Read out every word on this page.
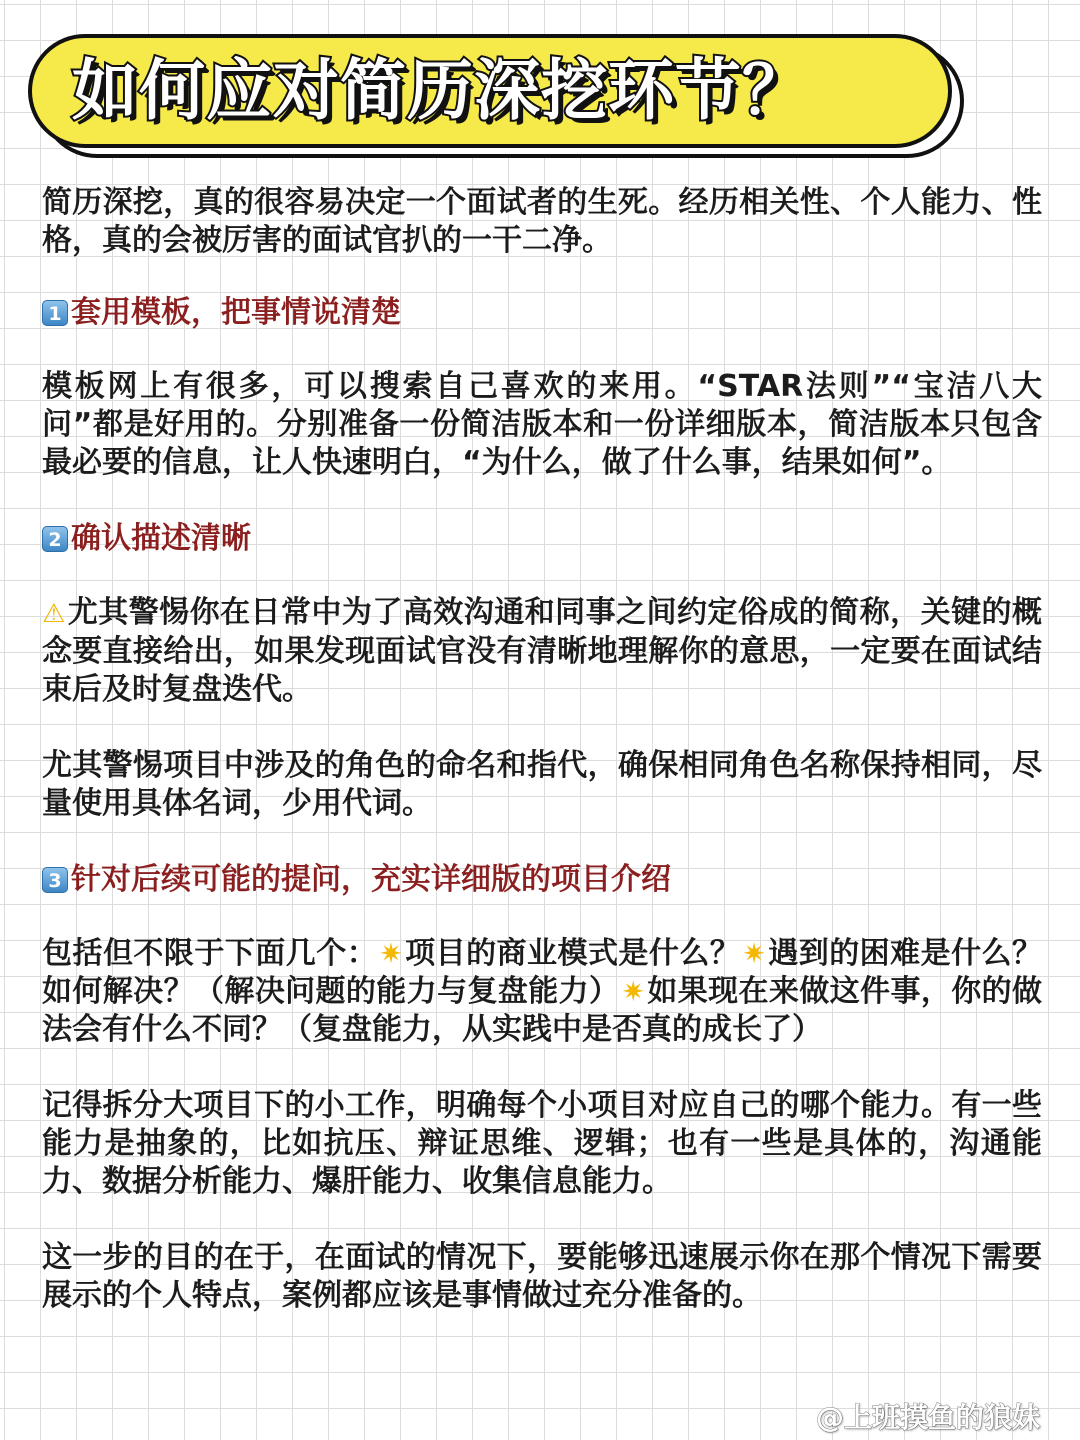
如何应对简历深挖环节？

简历深挖，真的很容易决定一个面试者的生死。经历相关性、个人能力、性格，真的会被厉害的面试官扒的一干二净。

1 套用模板，把事情说清楚

模板网上有很多，可以搜索自己喜欢的来用。“STAR法则”“宝洁八大问”都是好用的。分别准备一份简洁版本和一份详细版本，简洁版本只包含最必要的信息，让人快速明白，“为什么，做了什么事，结果如何”。

2 确认描述清晰

⚠尤其警惕你在日常中为了高效沟通和同事之间约定俗成的简称，关键的概念要直接给出，如果发现面试官没有清晰地理解你的意思，一定要在面试结束后及时复盘迭代。

尤其警惕项目中涉及的角色的命名和指代，确保相同角色名称保持相同，尽量使用具体名词，少用代词。

3 针对后续可能的提问，充实详细版的项目介绍

包括但不限于下面几个：✷项目的商业模式是什么？✷遇到的困难是什么？如何解决？（解决问题的能力与复盘能力）✷如果现在来做这件事，你的做法会有什么不同？（复盘能力，从实践中是否真的成长了）

记得拆分大项目下的小工作，明确每个小项目对应自己的哪个能力。有一些能力是抽象的，比如抗压、辩证思维、逻辑；也有一些是具体的，沟通能力、数据分析能力、爆肝能力、收集信息能力。

这一步的目的在于，在面试的情况下，要能够迅速展示你在那个情况下需要展示的个人特点，案例都应该是事情做过充分准备的。

@上班摸鱼的狼妹
